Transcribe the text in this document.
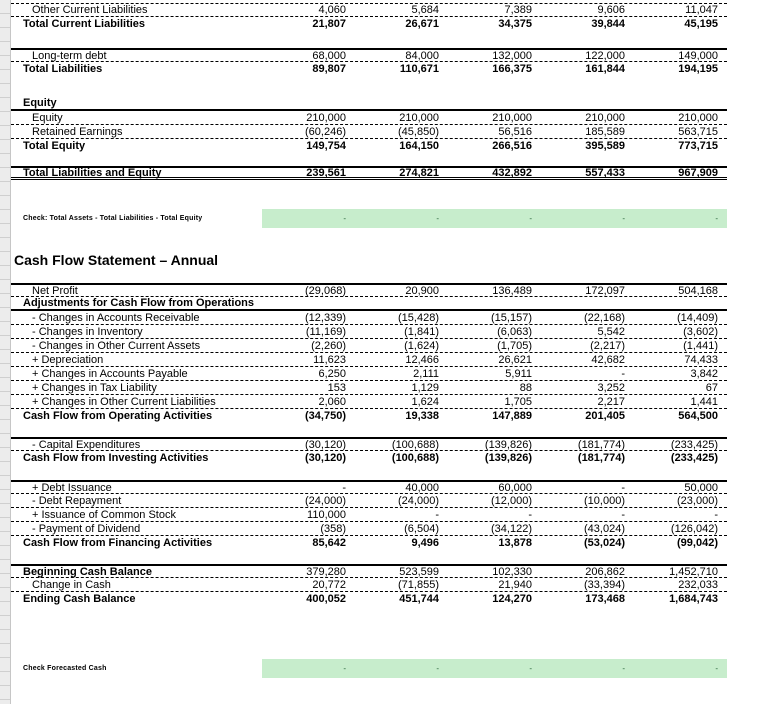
Other Current Liabilities	4,060	5,684	7,389	9,606	11,047
Total Current Liabilities	21,807	26,671	34,375	39,844	45,195
Long-term debt	68,000	84,000	132,000	122,000	149,000
Total Liabilities	89,807	110,671	166,375	161,844	194,195
Equity
Equity	210,000	210,000	210,000	210,000	210,000
Retained Earnings	(60,246)	(45,850)	56,516	185,589	563,715
Total Equity	149,754	164,150	266,516	395,589	773,715
Total Liabilities and Equity	239,561	274,821	432,892	557,433	967,909
Check: Total Assets - Total Liabilities - Total Equity	-	-	-	-	-
Cash Flow Statement – Annual
Net Profit	(29,068)	20,900	136,489	172,097	504,168
Adjustments for Cash Flow from Operations
- Changes in Accounts Receivable	(12,339)	(15,428)	(15,157)	(22,168)	(14,409)
- Changes in Inventory	(11,169)	(1,841)	(6,063)	5,542	(3,602)
- Changes in Other Current Assets	(2,260)	(1,624)	(1,705)	(2,217)	(1,441)
+ Depreciation	11,623	12,466	26,621	42,682	74,433
+ Changes in Accounts Payable	6,250	2,111	5,911	-	3,842
+ Changes in Tax Liability	153	1,129	88	3,252	67
+ Changes in Other Current Liabilities	2,060	1,624	1,705	2,217	1,441
Cash Flow from Operating Activities	(34,750)	19,338	147,889	201,405	564,500
- Capital Expenditures	(30,120)	(100,688)	(139,826)	(181,774)	(233,425)
Cash Flow from Investing Activities	(30,120)	(100,688)	(139,826)	(181,774)	(233,425)
+ Debt Issuance	-	40,000	60,000	-	50,000
- Debt Repayment	(24,000)	(24,000)	(12,000)	(10,000)	(23,000)
+ Issuance of Common Stock	110,000	-	-	-	-
- Payment of Dividend	(358)	(6,504)	(34,122)	(43,024)	(126,042)
Cash Flow from Financing Activities	85,642	9,496	13,878	(53,024)	(99,042)
Beginning Cash Balance	379,280	523,599	102,330	206,862	1,452,710
Change in Cash	20,772	(71,855)	21,940	(33,394)	232,033
Ending Cash Balance	400,052	451,744	124,270	173,468	1,684,743
Check Forecasted Cash	-	-	-	-	-
